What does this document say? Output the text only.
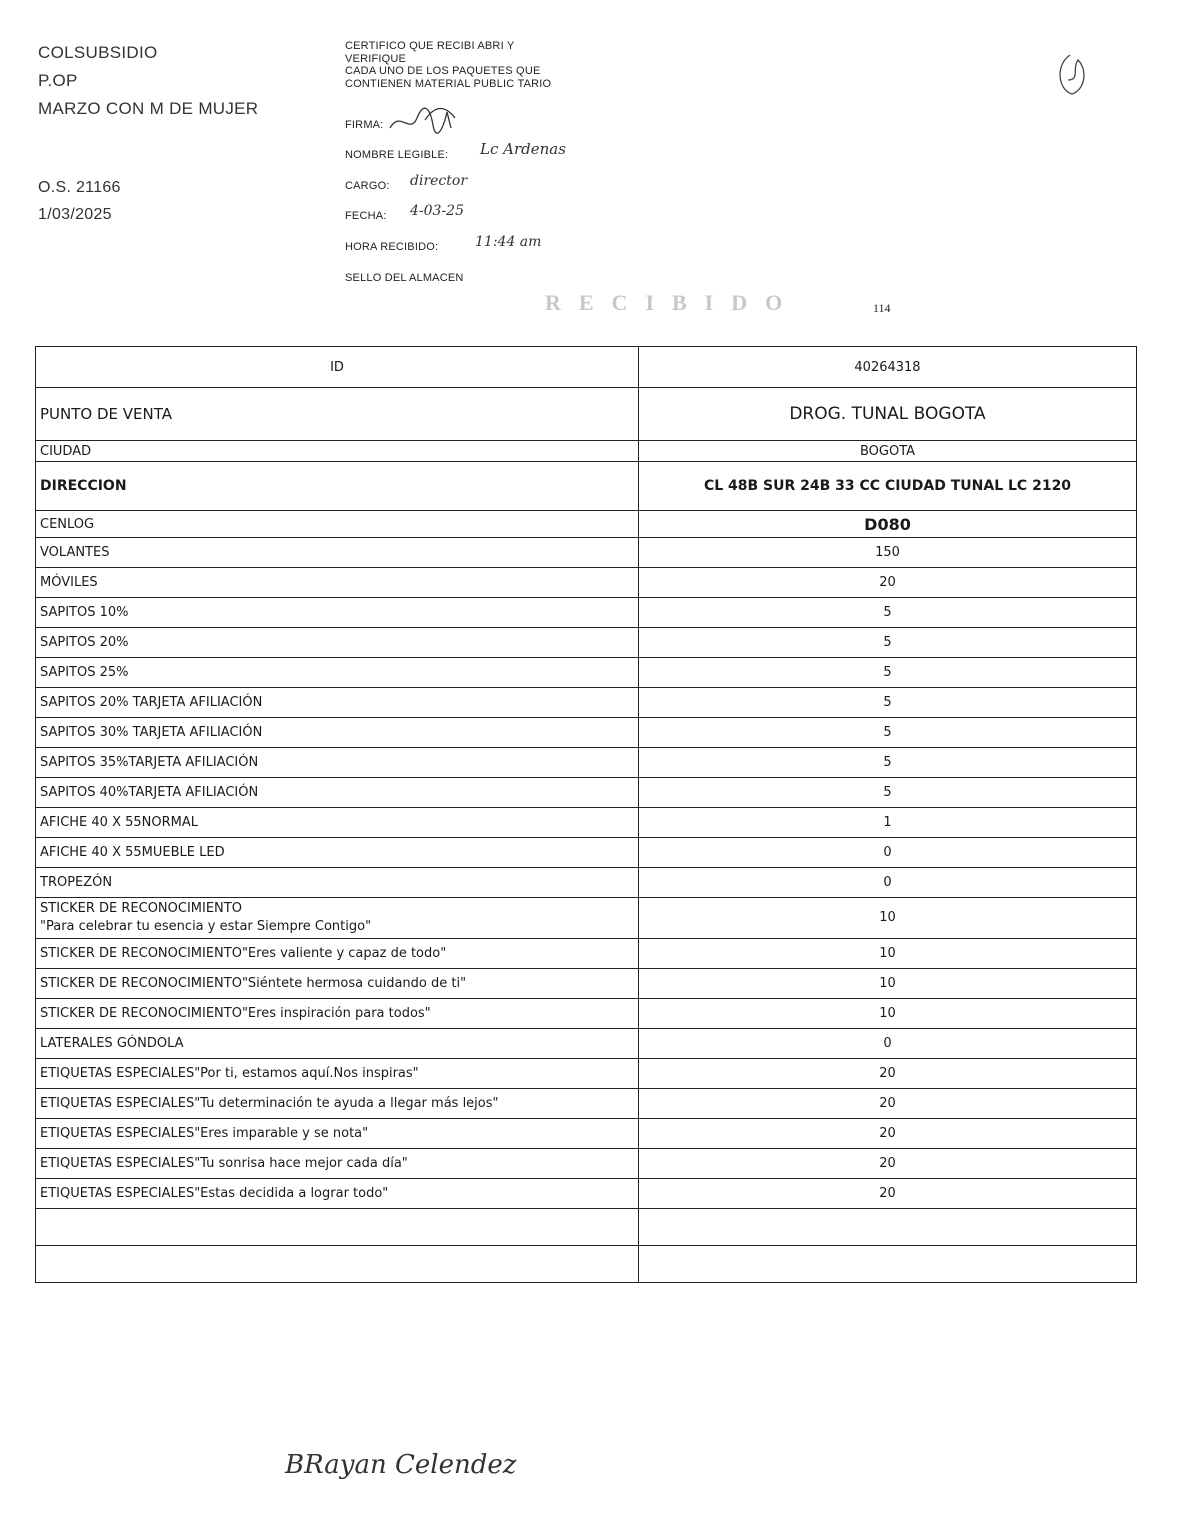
COLSUBSIDIO
P.OP
MARZO CON M DE MUJER
O.S. 21166
1/03/2025
CERTIFICO QUE RECIBI ABRI Y
VERIFIQUE
CADA UNO DE LOS PAQUETES QUE
CONTIENEN MATERIAL PUBLIC TARIO
FIRMA:
NOMBRE LEGIBLE: Lc Ardenas
CARGO: director
FECHA: 4-03-25
HORA RECIBIDO:	11:44 am
SELLO DEL ALMACEN
RECIBIDO	114
ID	40264318
PUNTO DE VENTA	DROG. TUNAL BOGOTA
CIUDAD	BOGOTA
DIRECCION	CL 48B SUR 24B 33 CC CIUDAD TUNAL LC 2120
CENLOG	D080

VOLANTES	150

MÓVILES	20

SAPITOS 10%	5

SAPITOS 20%	5

SAPITOS 25%	5

SAPITOS 20% TARJETA AFILIACIÓN	5

SAPITOS 30% TARJETA AFILIACIÓN	5

SAPITOS 35%TARJETA AFILIACIÓN	5

SAPITOS 40%TARJETA AFILIACIÓN	5

AFICHE 40 X 55NORMAL	1

AFICHE 40 X 55MUEBLE LED	0

TROPEZÓN	0

STICKER DE RECONOCIMIENTO
"Para celebrar tu esencia y estar Siempre Contigo"	10

STICKER DE RECONOCIMIENTO"Eres valiente y capaz de todo"	10

STICKER DE RECONOCIMIENTO"Siéntete hermosa cuidando de ti"	10

STICKER DE RECONOCIMIENTO"Eres inspiración para todos"	10

LATERALES GÓNDOLA	0

ETIQUETAS ESPECIALES"Por ti, estamos aquí.Nos inspiras"	20

ETIQUETAS ESPECIALES"Tu determinación te ayuda a llegar más lejos"	20

ETIQUETAS ESPECIALES"Eres imparable y se nota"	20

ETIQUETAS ESPECIALES"Tu sonrisa hace mejor cada día"	20

ETIQUETAS ESPECIALES"Estas decidida a lograr todo"	20

BRayan Celendez
